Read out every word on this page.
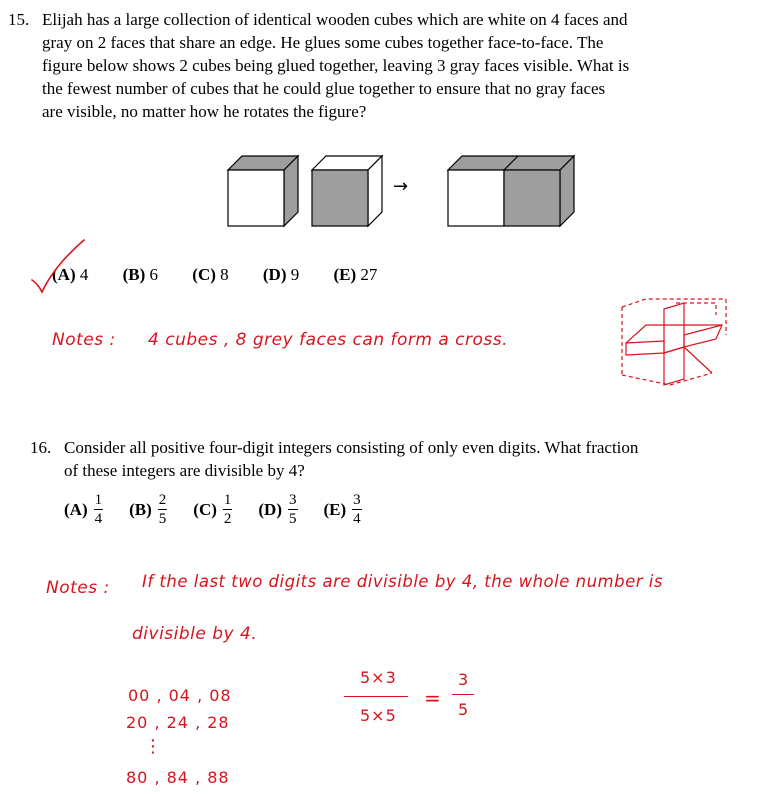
15. Elijah has a large collection of identical wooden cubes which are white on 4 faces and
gray on 2 faces that share an edge. He glues some cubes together face-to-face. The
figure below shows 2 cubes being glued together, leaving 3 gray faces visible. What is
the fewest number of cubes that he could glue together to ensure that no gray faces
are visible, no matter how he rotates the figure?
→
(A) 4 (B) 6 (C) 8 (D) 9 (E) 27
Notes : 4 cubes , 8 grey faces can form a cross.
16. Consider all positive four-digit integers consisting of only even digits. What fraction
of these integers are divisible by 4?
$(A) \frac{1}{4}$
$(B) \frac{2}{5}$
$(C) \frac{1}{2}$
$(D) \frac{3}{5}$
$(E) \frac{3}{4}$
Notes : If the last two digits are divisible by 4, the whole number is
divisible by 4.
00 , 04 , 08
20 , 24 , 28
⋮
80 , 84 , 88
5×3
5×5
=
3
5
